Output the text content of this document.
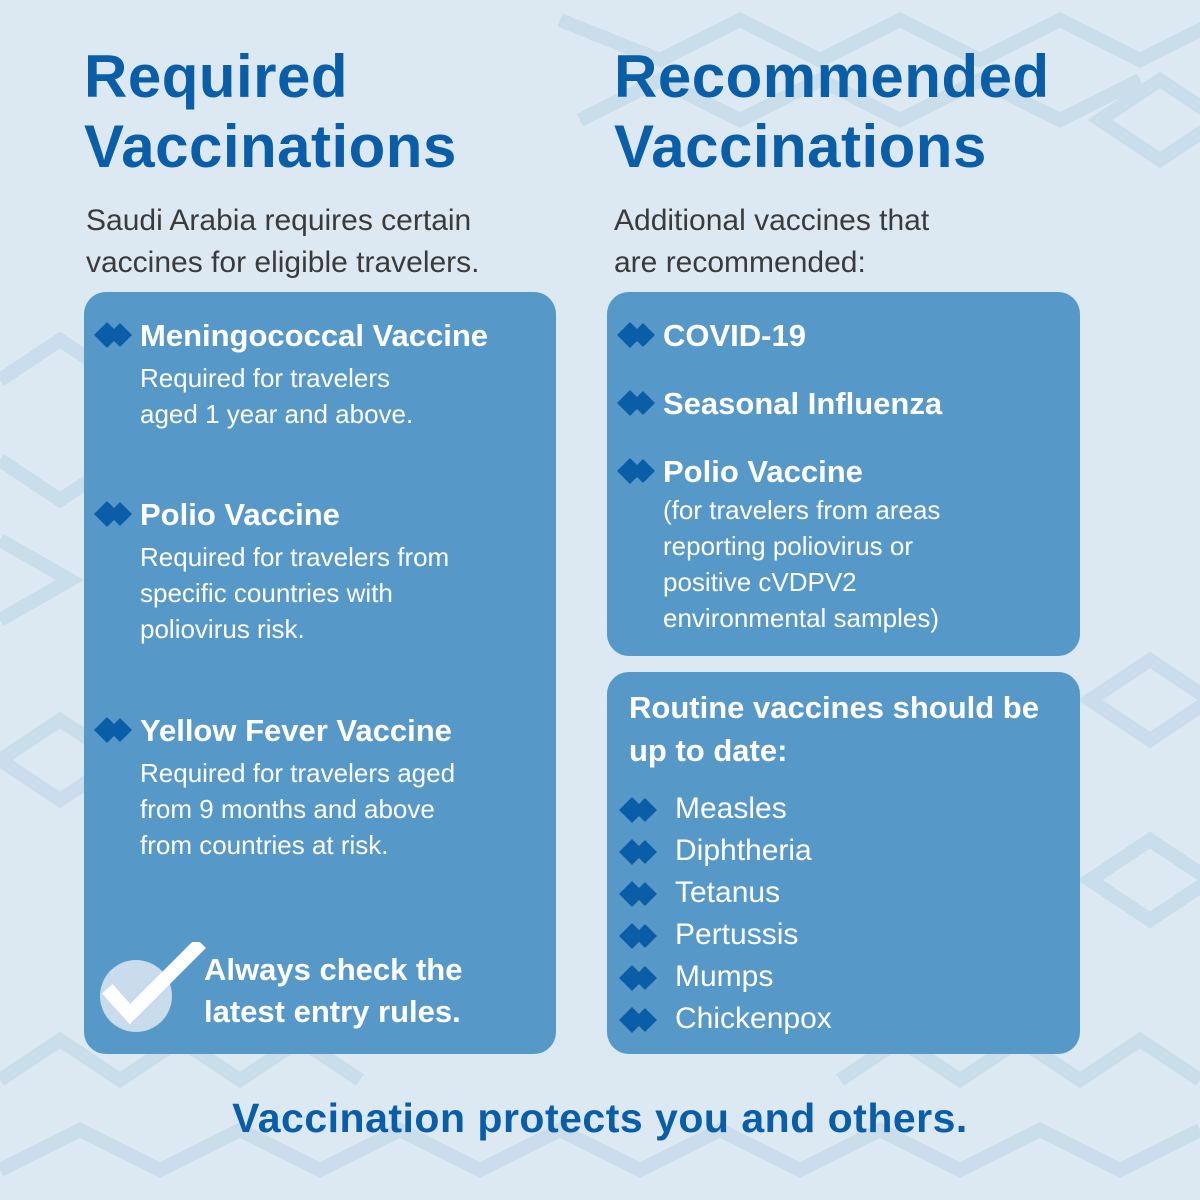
Required
Vaccinations

Saudi Arabia requires certain
vaccines for eligible travelers.

Meningococcal Vaccine

Required for travelers
aged 1 year and above.

Polio Vaccine

Required for travelers from
specific countries with
poliovirus risk.

Yellow Fever Vaccine

Required for travelers aged
from 9 months and above
from countries at risk.

Always check the
latest entry rules.

Recommended
Vaccinations

Additional vaccines that
are recommended:

COVID-19

Seasonal Influenza

Polio Vaccine

(for travelers from areas
reporting poliovirus or
positive cVDPV2
environmental samples)

Routine vaccines should be up to date:

Measles
Diphtheria
Tetanus
Pertussis
Mumps
Chickenpox

Vaccination protects you and others.
